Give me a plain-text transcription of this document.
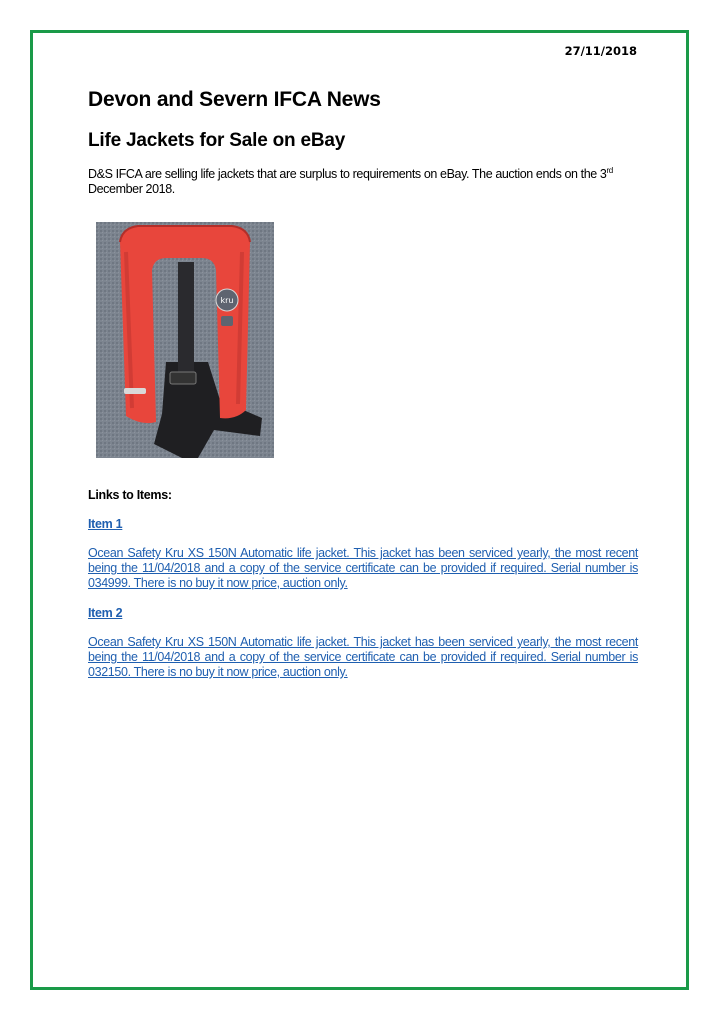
27/11/2018
Devon and Severn IFCA News
Life Jackets for Sale on eBay

D&S IFCA are selling life jackets that are surplus to requirements on eBay. The auction ends on the 3rd December 2018.

kru
Links to Items:
Item 1
Ocean Safety Kru XS 150N Automatic life jacket. This jacket has been serviced yearly, the most recent being the 11/04/2018 and a copy of the service certificate can be provided if required. Serial number is 034999. There is no buy it now price, auction only.
Item 2
Ocean Safety Kru XS 150N Automatic life jacket. This jacket has been serviced yearly, the most recent being the 11/04/2018 and a copy of the service certificate can be provided if required. Serial number is 032150. There is no buy it now price, auction only.
